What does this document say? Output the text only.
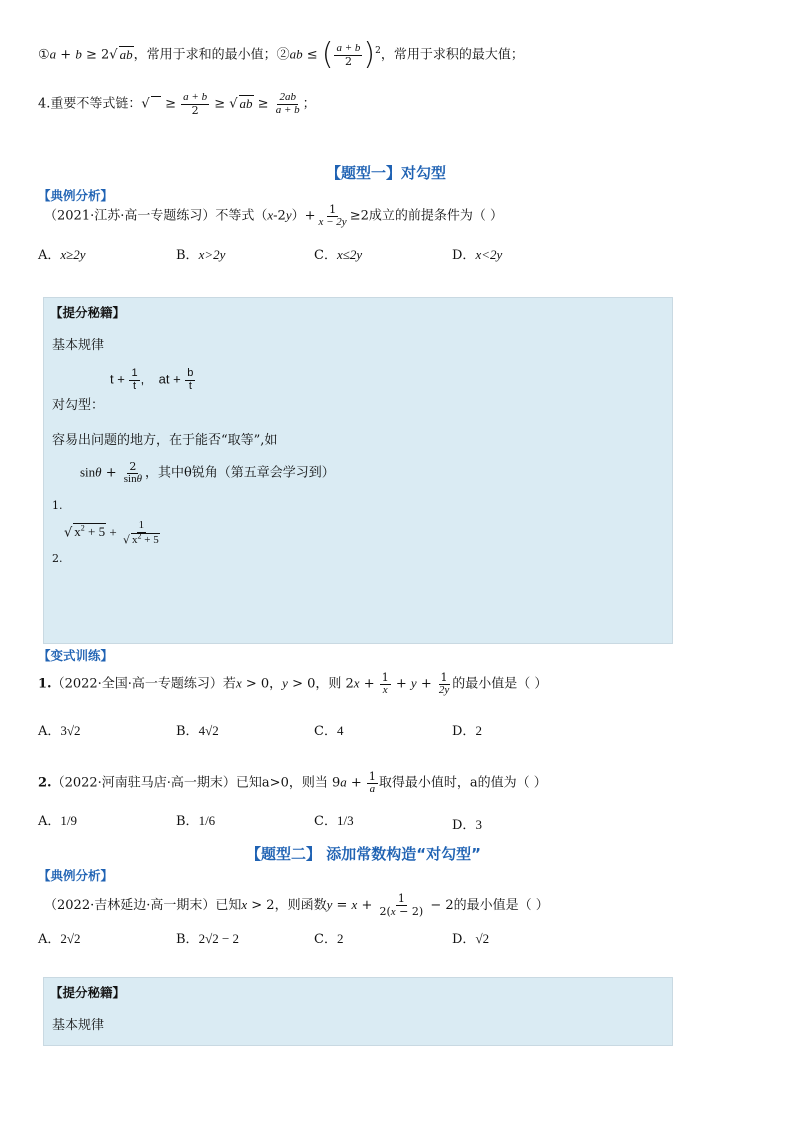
①a + b ≥ 2√ ab，常用于求和的最小值；②ab ≤ ( $\frac{a + b}{2} )^2$，常用于求积的最大值；
4.重要不等式链：√   ≥ $\frac{a + b}{2}$ ≥ √ ab ≥ $\frac{2ab}{a + b}$ ；
【题型一】对勾型
【典例分析】
（2021·江苏·高一专题练习）不等式$(x-2y)+ \frac{1}{x - 2y} \ge 2$成立的前提条件为（ ）
A．x≥2y	B．x>2y	C．x≤2y	D．x<2y
【提分秘籍】
基本规律
$t + \frac{1}{t}$ ,    at + $\frac{b}{t}$
对勾型：
容易出问题的地方，在于能否“取等”,如
$\sin\theta + \frac{2}{\sin\theta}$ ，其中θ锐角（第五章会学习到）
1.
√ $x^2 + 5 + \frac{1}{√ x^2 + 5}$
2.
【变式训练】
1.（2022·全国·高一专题练习）若x > 0，y > 0，则 $2x + \frac{1}{x} + y + \frac{1}{2y}$ 的最小值是（ ）
A．3√2	B．4√2	C．4	D．2
2.（2022·河南驻马店·高一期末）已知a>0，则当 $9a + \frac{1}{a}$ 取得最小值时，a的值为（ ）
A．1/9	B．1/6	C．1/3	D．3
【题型二】 添加常数构造“对勾型”
【典例分析】
（2022·吉林延边·高一期末）已知x > 2，则函数$y = x + \frac{1}{2(x - 2)} - 2$的最小值是（ ）
A．2√2	B．2√2 − 2	C．2	D．√2
【提分秘籍】
基本规律
